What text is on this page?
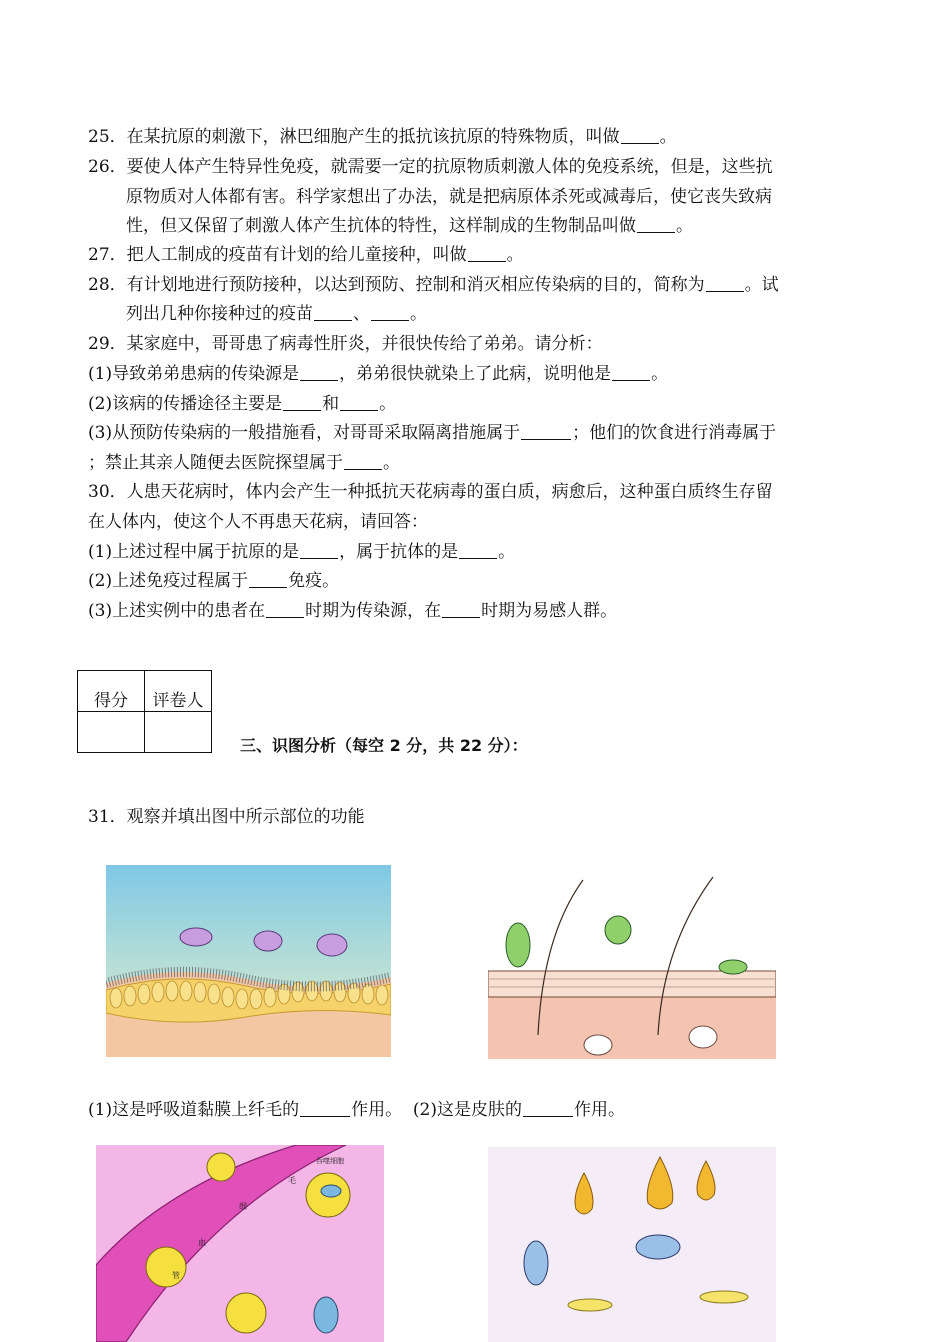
25．在某抗原的刺激下，淋巴细胞产生的抵抗该抗原的特殊物质，叫做 。
26．要使人体产生特异性免疫，就需要一定的抗原物质刺激人体的免疫系统，但是，这些抗
原物质对人体都有害。科学家想出了办法，就是把病原体杀死或减毒后，使它丧失致病
性，但又保留了刺激人体产生抗体的特性，这样制成的生物制品叫做 。
27．把人工制成的疫苗有计划的给儿童接种，叫做 。
28．有计划地进行预防接种，以达到预防、控制和消灭相应传染病的目的，简称为 。试
列出几种你接种过的疫苗 、 。
29．某家庭中，哥哥患了病毒性肝炎，并很快传给了弟弟。请分析：
(1)导致弟弟患病的传染源是 ，弟弟很快就染上了此病，说明他是 。
(2)该病的传播途径主要是 和 。
(3)从预防传染病的一般措施看，对哥哥采取隔离措施属于	；他们的饮食进行消毒属于
；禁止其亲人随便去医院探望属于 。
30．人患天花病时，体内会产生一种抵抗天花病毒的蛋白质，病愈后，这种蛋白质终生存留
在人体内，使这个人不再患天花病，请回答：
(1)上述过程中属于抗原的是 ，属于抗体的是 。
(2)上述免疫过程属于 免疫。
(3)上述实例中的患者在 时期为传染源，在 时期为易感人群。
得分	评卷人

三、识图分析（每空 2 分，共 22 分）：
31．观察并填出图中所示部位的功能
(1)这是呼吸道黏膜上纤毛的	作用。 (2)这是皮肤的	作用。
吞噬细胞
毛
细
血
管
